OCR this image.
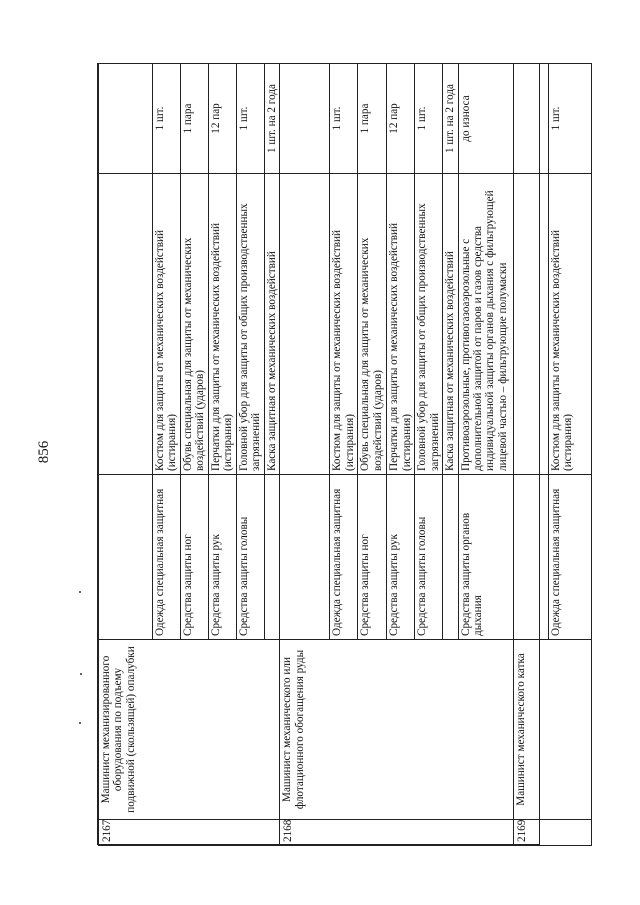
856
2167	Машинист механизированного оборудования по подъему подвижной (скользящей) опалубки			
		Одежда специальная защитная	Костюм для защиты от механических воздействий (истирания)	1 шт.
		Средства защиты ног	Обувь специальная для защиты от механических воздействий (ударов)	1 пара
		Средства защиты рук	Перчатки для защиты от механических воздействий (истирания)	12 пар
		Средства защиты головы	Головной убор для защиты от общих производственных загрязнений	1 шт.
			Каска защитная от механических воздействий	1 шт. на 2 года
2168	Машинист механического или флотационного обогащения руды			
		Одежда специальная защитная	Костюм для защиты от механических воздействий (истирания)	1 шт.
		Средства защиты ног	Обувь специальная для защиты от механических воздействий (ударов)	1 пара
		Средства защиты рук	Перчатки для защиты от механических воздействий (истирания)	12 пар
		Средства защиты головы	Головной убор для защиты от общих производственных загрязнений	1 шт.
			Каска защитная от механических воздействий	1 шт. на 2 года
		Средства защиты органов дыхания	Противоаэрозольные, противогазоаэрозольные с дополнительной защитой от паров и газов средства индивидуальной защиты органов дыхания с фильтрующей лицевой частью – фильтрующие полумаски	до износа
2169	Машинист механического катка			
		Одежда специальная защитная	Костюм для защиты от механических воздействий (истирания)	1 шт.
